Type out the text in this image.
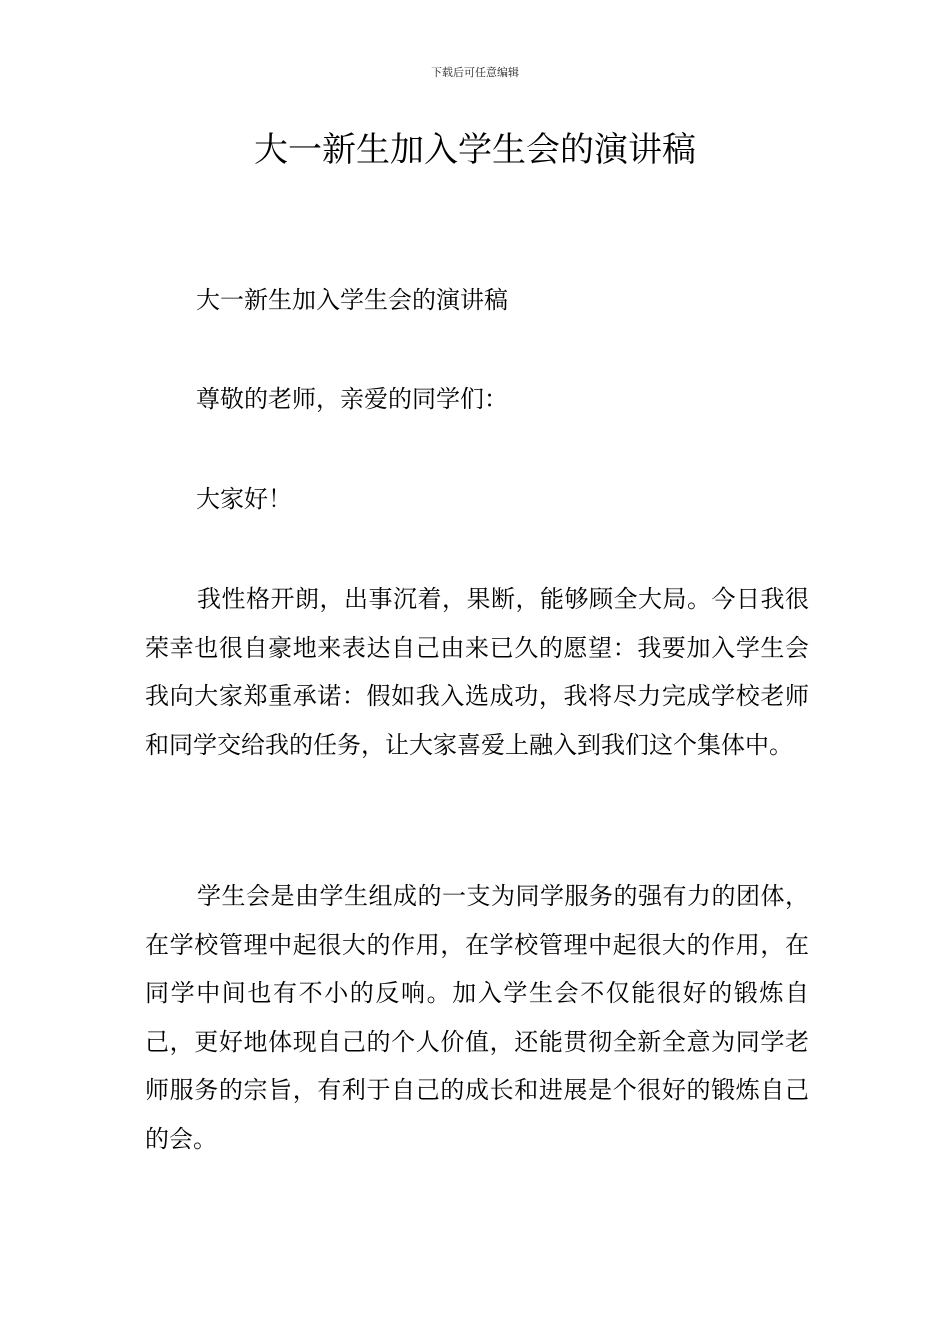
下载后可任意编辑
大一新生加入学生会的演讲稿

大一新生加入学生会的演讲稿

尊敬的老师，亲爱的同学们：

大家好！

我性格开朗，出事沉着，果断，能够顾全大局。今日我很荣幸也很自豪地来表达自己由来已久的愿望：我要加入学生会我向大家郑重承诺：假如我入选成功，我将尽力完成学校老师和同学交给我的任务，让大家喜爱上融入到我们这个集体中。

学生会是由学生组成的一支为同学服务的强有力的团体，在学校管理中起很大的作用，在学校管理中起很大的作用，在同学中间也有不小的反响。加入学生会不仅能很好的锻炼自己，更好地体现自己的个人价值，还能贯彻全新全意为同学老师服务的宗旨，有利于自己的成长和进展是个很好的锻炼自己的会。
